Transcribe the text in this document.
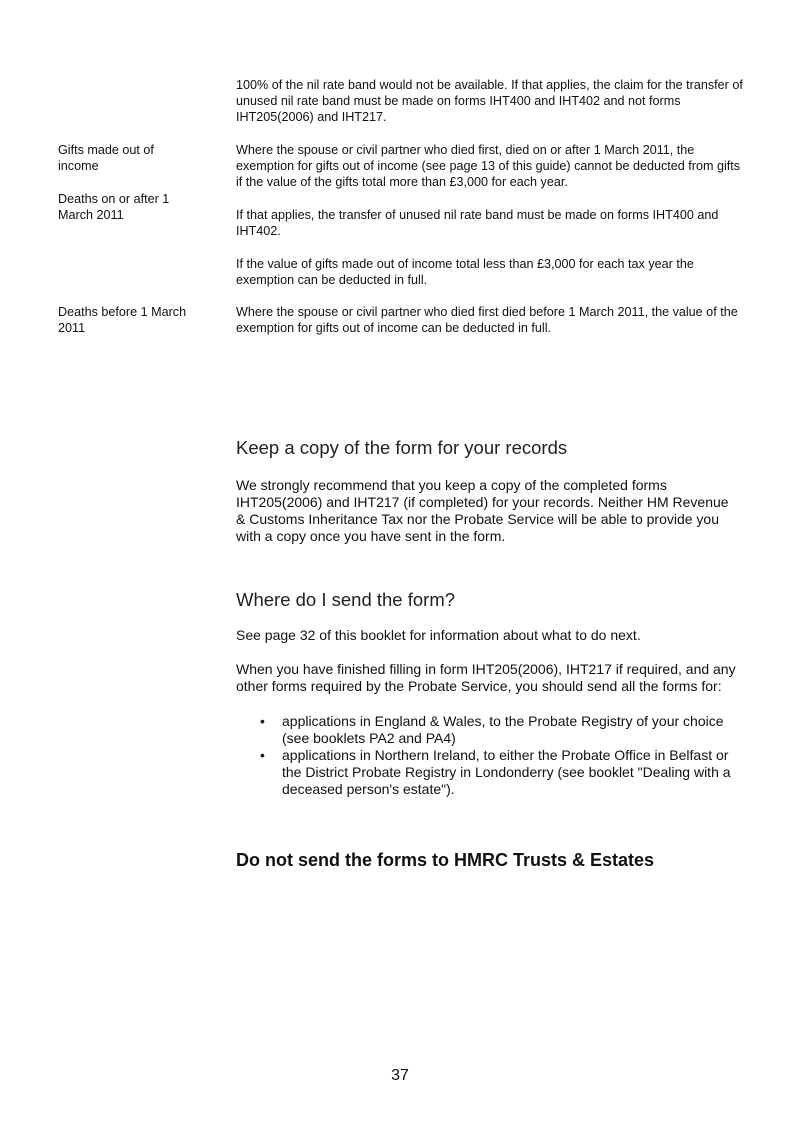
100% of the nil rate band would not be available. If that applies, the claim for the transfer of unused nil rate band must be made on forms IHT400 and IHT402 and not forms IHT205(2006) and IHT217.

Gifts made out of income
Deaths on or after 1 March 2011

Where the spouse or civil partner who died first, died on or after 1 March 2011, the exemption for gifts out of income (see page 13 of this guide) cannot be deducted from gifts if the value of the gifts total more than £3,000 for each year.

If that applies, the transfer of unused nil rate band must be made on forms IHT400 and IHT402.

If the value of gifts made out of income total less than £3,000 for each tax year the exemption can be deducted in full.

Deaths before 1 March 2011

Where the spouse or civil partner who died first died before 1 March 2011, the value of the exemption for gifts out of income can be deducted in full.

Keep a copy of the form for your records

We strongly recommend that you keep a copy of the completed forms IHT205(2006) and IHT217 (if completed) for your records. Neither HM Revenue & Customs Inheritance Tax nor the Probate Service will be able to provide you with a copy once you have sent in the form.

Where do I send the form?

See page 32 of this booklet for information about what to do next.

When you have finished filling in form IHT205(2006), IHT217 if required, and any other forms required by the Probate Service, you should send all the forms for:

• applications in England & Wales, to the Probate Registry of your choice (see booklets PA2 and PA4)
• applications in Northern Ireland, to either the Probate Office in Belfast or the District Probate Registry in Londonderry (see booklet "Dealing with a deceased person's estate").
Do not send the forms to HMRC Trusts & Estates
37
